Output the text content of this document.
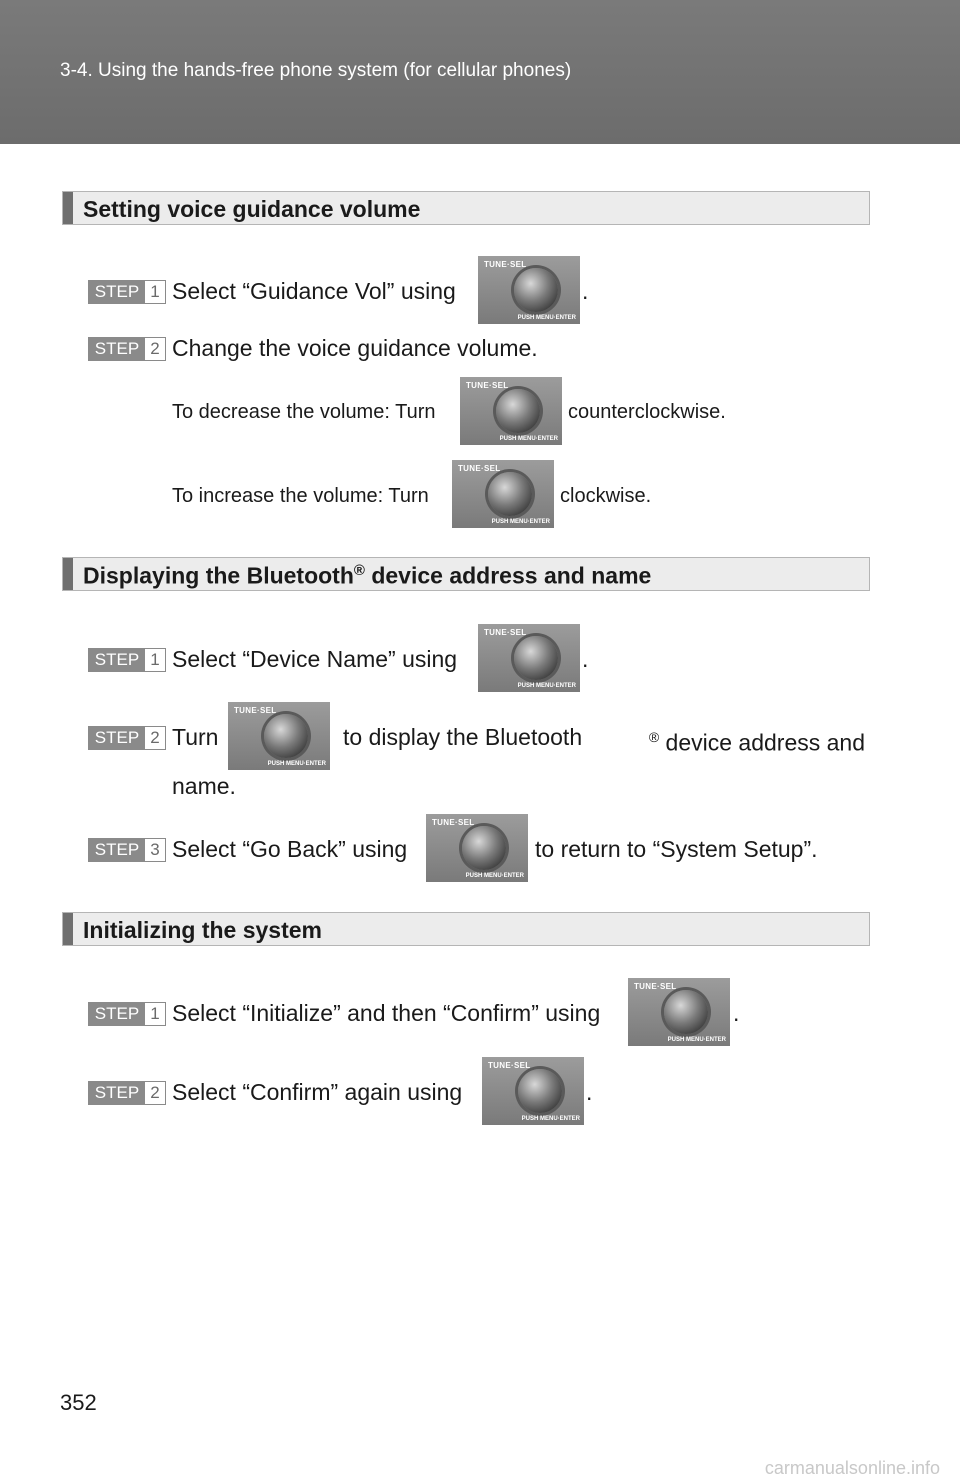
3-4. Using the hands-free phone system (for cellular phones)
Setting voice guidance volume
STEP 1 Select “Guidance Vol” using
TUNE·SEL
PUSH MENU·ENTER
.
STEP 2 Change the voice guidance volume.
To decrease the volume: Turn
TUNE·SEL
PUSH MENU·ENTER
counterclockwise.
To increase the volume: Turn
TUNE·SEL
PUSH MENU·ENTER
clockwise.
Displaying the Bluetooth® device address and name
STEP 1 Select “Device Name” using
TUNE·SEL
PUSH MENU·ENTER
.
STEP 2 Turn
TUNE·SEL
PUSH MENU·ENTER
to display the Bluetooth	® device address and
name.
STEP 3 Select “Go Back” using
TUNE·SEL
PUSH MENU·ENTER
to return to “System Setup”.
Initializing the system
STEP 1 Select “Initialize” and then “Confirm” using
TUNE·SEL
PUSH MENU·ENTER
.
STEP 2 Select “Confirm” again using
TUNE·SEL
PUSH MENU·ENTER
.
352
carmanualsonline.info
